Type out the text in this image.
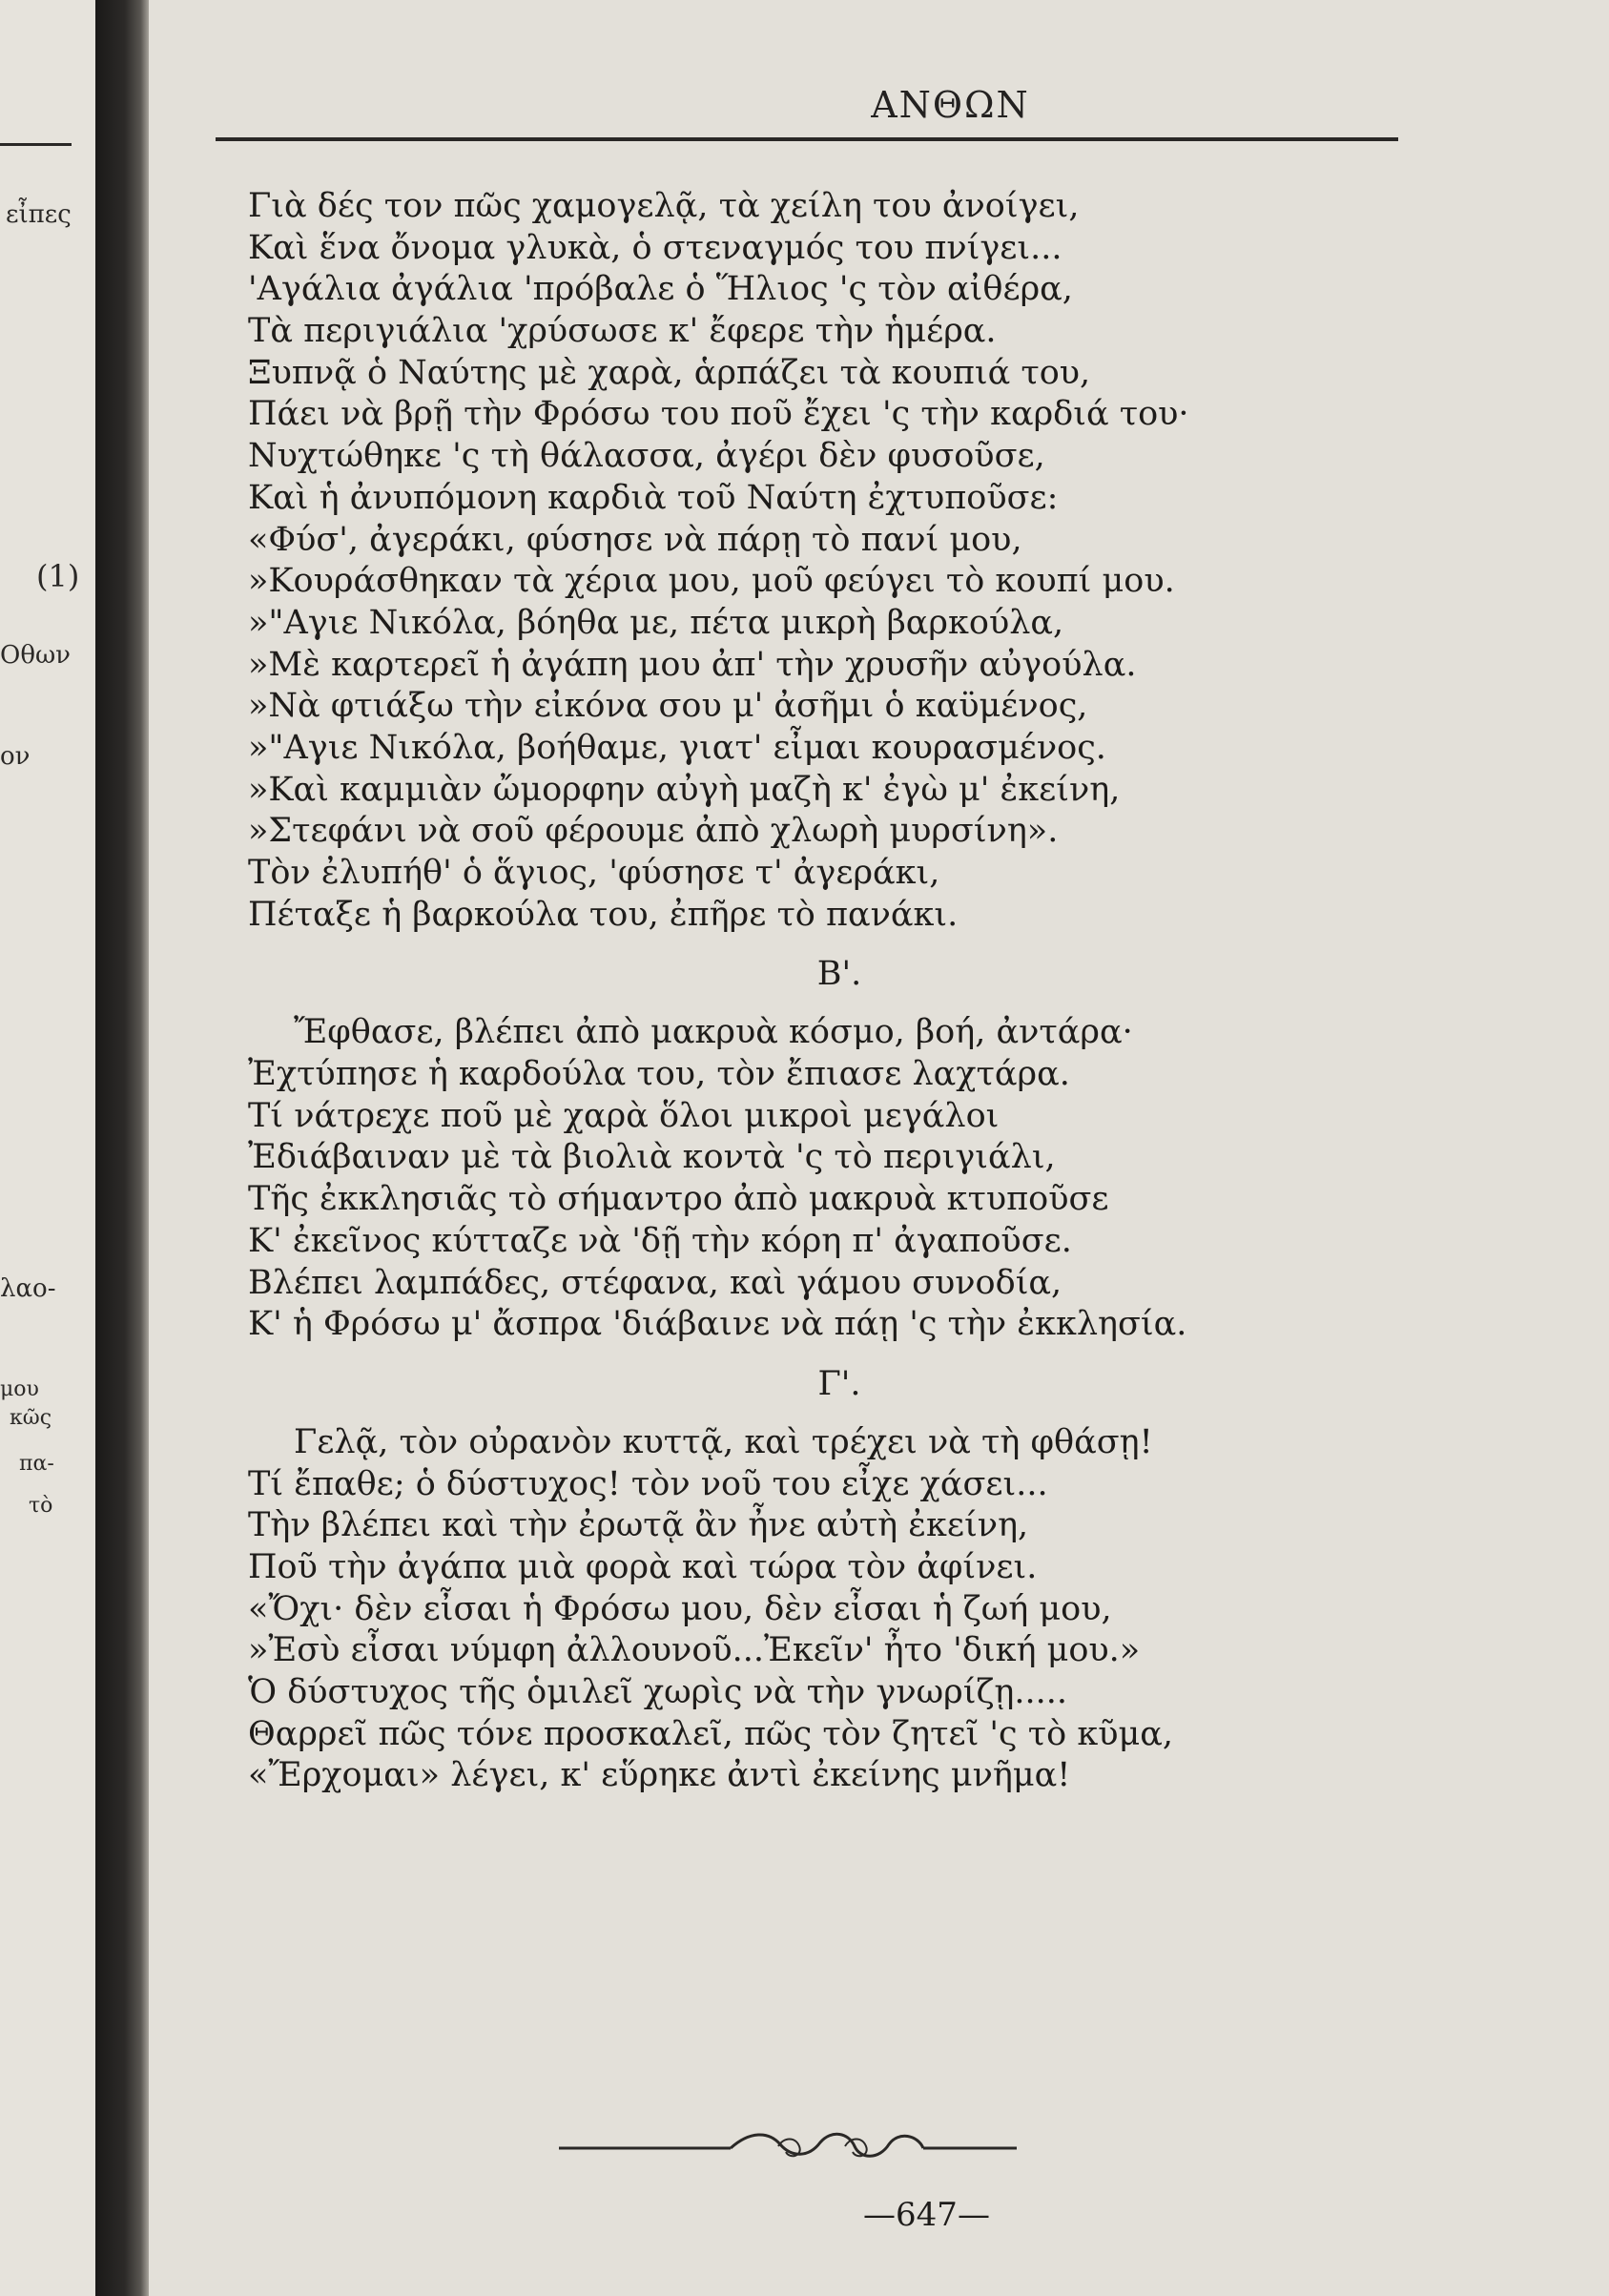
εἶπες
(1)
Οθων
ον
λαο-
μου
κῶς
πα-
τὸ
ΑΝΘΩΝ
Γιὰ δές τον πῶς χαμογελᾷ, τὰ χείλη του ἀνοίγει,
Καὶ ἕνα ὄνομα γλυκὰ, ὁ στεναγμός του πνίγει...
'Αγάλια ἀγάλια 'πρόβαλε ὁ Ἥλιος 'ς τὸν αἰθέρα,
Τὰ περιγιάλια 'χρύσωσε κ' ἔφερε τὴν ἡμέρα.
Ξυπνᾷ ὁ Ναύτης μὲ χαρὰ, ἁρπάζει τὰ κουπιά του,
Πάει νὰ βρῇ τὴν Φρόσω του ποῦ ἔχει 'ς τὴν καρδιά του·
Νυχτώθηκε 'ς τὴ θάλασσα, ἀγέρι δὲν φυσοῦσε,
Καὶ ἡ ἀνυπόμονη καρδιὰ τοῦ Ναύτη ἐχτυποῦσε:
«Φύσ', ἀγεράκι, φύσησε νὰ πάρῃ τὸ πανί μου,
»Κουράσθηκαν τὰ χέρια μου, μοῦ φεύγει τὸ κουπί μου.
»"Αγιε Νικόλα, βόηθα με, πέτα μικρὴ βαρκούλα,
»Μὲ καρτερεῖ ἡ ἀγάπη μου ἀπ' τὴν χρυσῆν αὐγούλα.
»Νὰ φτιάξω τὴν εἰκόνα σου μ' ἀσῆμι ὁ καϋμένος,
»"Αγιε Νικόλα, βοήθαμε, γιατ' εἶμαι κουρασμένος.
»Καὶ καμμιὰν ὤμορφην αὐγὴ μαζὴ κ' ἐγὼ μ' ἐκείνη,
»Στεφάνι νὰ σοῦ φέρουμε ἀπὸ χλωρὴ μυρσίνη».
Τὸν ἐλυπήθ' ὁ ἅγιος, 'φύσησε τ' ἀγεράκι,
Πέταξε ἡ βαρκούλα του, ἐπῆρε τὸ πανάκι.
Β'.
Ἔφθασε, βλέπει ἀπὸ μακρυὰ κόσμο, βοή, ἀντάρα·
Ἐχτύπησε ἡ καρδούλα του, τὸν ἔπιασε λαχτάρα.
Τί νάτρεχε ποῦ μὲ χαρὰ ὅλοι μικροὶ μεγάλοι
Ἐδιάβαιναν μὲ τὰ βιολιὰ κοντὰ 'ς τὸ περιγιάλι,
Τῆς ἐκκλησιᾶς τὸ σήμαντρο ἀπὸ μακρυὰ κτυποῦσε
Κ' ἐκεῖνος κύτταζε νὰ 'δῇ τὴν κόρη π' ἀγαποῦσε.
Βλέπει λαμπάδες, στέφανα, καὶ γάμου συνοδία,
Κ' ἡ Φρόσω μ' ἄσπρα 'διάβαινε νὰ πάῃ 'ς τὴν ἐκκλησία.
Γ'.
Γελᾷ, τὸν οὐρανὸν κυττᾷ, καὶ τρέχει νὰ τὴ φθάσῃ!
Τί ἔπαθε; ὁ δύστυχος! τὸν νοῦ του εἶχε χάσει...
Τὴν βλέπει καὶ τὴν ἐρωτᾷ ἂν ἦνε αὐτὴ ἐκείνη,
Ποῦ τὴν ἀγάπα μιὰ φορὰ καὶ τώρα τὸν ἀφίνει.
«Ὄχι· δὲν εἶσαι ἡ Φρόσω μου, δὲν εἶσαι ἡ ζωή μου,
»Ἐσὺ εἶσαι νύμφη ἀλλουνοῦ...Ἐκεῖν' ἦτο 'δική μου.»
Ὁ δύστυχος τῆς ὁμιλεῖ χωρὶς νὰ τὴν γνωρίζῃ.....
Θαρρεῖ πῶς τόνε προσκαλεῖ, πῶς τὸν ζητεῖ 'ς τὸ κῦμα,
«Ἔρχομαι» λέγει, κ' εὕρηκε ἀντὶ ἐκείνης μνῆμα!
—647—
